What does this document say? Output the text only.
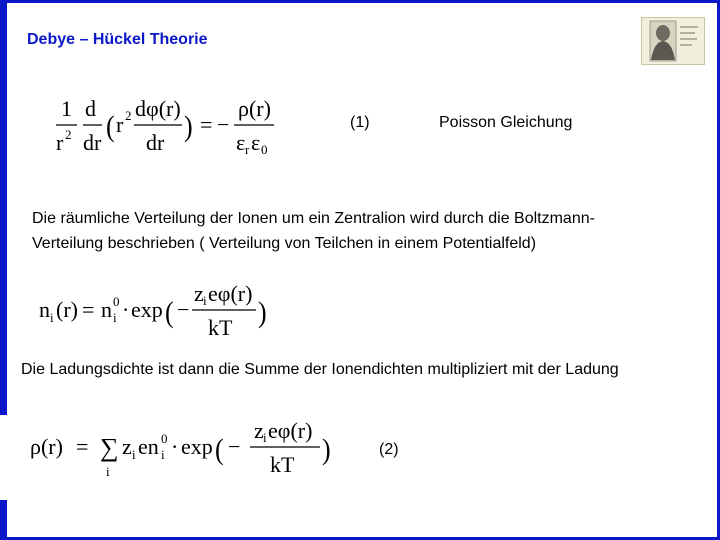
Debye – Hückel Theorie
1
r 2
d
dr ( r 2 dφ(r)
dr ) = −
ρ(r)
ε r ε 0
(1)	Poisson Gleichung
Die räumliche Verteilung der Ionen um ein Zentralion wird durch die Boltzmann-
Verteilung beschrieben ( Verteilung von Teilchen in einem Potentialfeld)
n i (r) = n 0
i · exp ( −
z i eφ(r)
kT )
Die Ladungsdichte ist dann die Summe der Ionendichten multipliziert mit der Ladung
ρ(r) = ∑
i
z i en 0
i · exp ( −
z i eφ(r)
kT )	(2)
